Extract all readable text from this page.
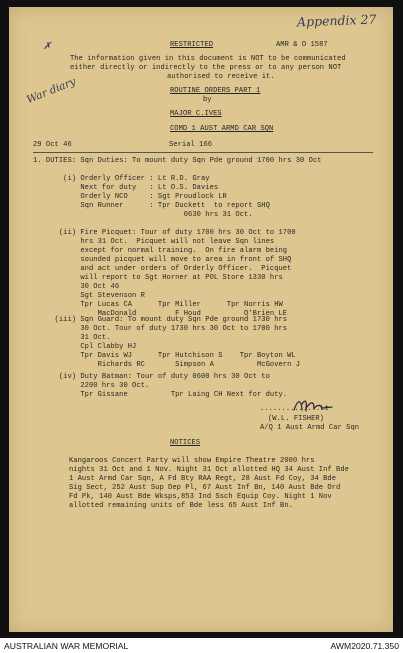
Appendix 27
War diary
✗	RESTRICTED	AMR & O 1587
The information given in this document is NOT to be communicated
either directly or indirectly to the press or to any person NOT
authorised to receive it.
ROUTINE ORDERS PART 1
by
MAJOR C.IVES
COMD 1 AUST ARMD CAR SQN
29 Oct 46	Serial 166
1. DUTIES: Sqn Duties: To mount duty Sqn Pde ground 1700 hrs 30 Oct
(i) Orderly Officer : Lt R.D. Gray
Next for duty   : Lt O.S. Davies
Orderly NCO     : Sgt Proudlock LR
Sqn Runner      : Tpr Duckett  to report SHQ
0630 hrs 31 Oct.
(ii) Fire Picquet: Tour of duty 1700 hrs 30 Oct to 1700
hrs 31 Oct.  Picquet will not leave Sqn lines
except for normal training.  On fire alarm being
sounded picquet will move to area in front of SHQ
and act under orders of Orderly Officer.  Picquet
will report to Sgt Horner at POL Store 1330 hrs
30 Oct 46
Sgt Stevenson R
Tpr Lucas CA      Tpr Miller      Tpr Norris HW
MacDonald         F Houd          O'Brien LE
(iii) Sqn Guard: To mount duty Sqn Pde ground 1730 hrs
30 Oct. Tour of duty 1730 hrs 30 Oct to 1700 hrs
31 Oct.
Cpl Clabby HJ
Tpr Davis WJ      Tpr Hutchison S    Tpr Boyton WL
Richards RC       Simpson A          McGovern J
(iv) Duty Batman: Tour of duty 0600 hrs 30 Oct to
2200 hrs 30 Oct.
Tpr Gissane          Tpr Laing CH Next for duty.
..............Lt
(W.L. FISHER)
A/Q 1 Aust Armd Car Sqn
NOTICES
Kangaroos Concert Party will show Empire Theatre 2000 hrs
nights 31 Oct and 1 Nov. Night 31 Oct allotted HQ 34 Aust Inf Bde
1 Aust Armd Car Sqn, A Fd Bty RAA Regt, 28 Aust Fd Coy, 34 Bde
Sig Sect, 252 Aust Sup Dep Pl, 67 Aust Inf Bn, 140 Aust Bde Ord
Fd Pk, 140 Aust Bde Wksps,853 Ind Ssch Equip Coy. Night 1 Nov
allotted remaining units of Bde less 65 Aust Inf Bn.
AUSTRALIAN WAR MEMORIAL	AWM2020.71.350
